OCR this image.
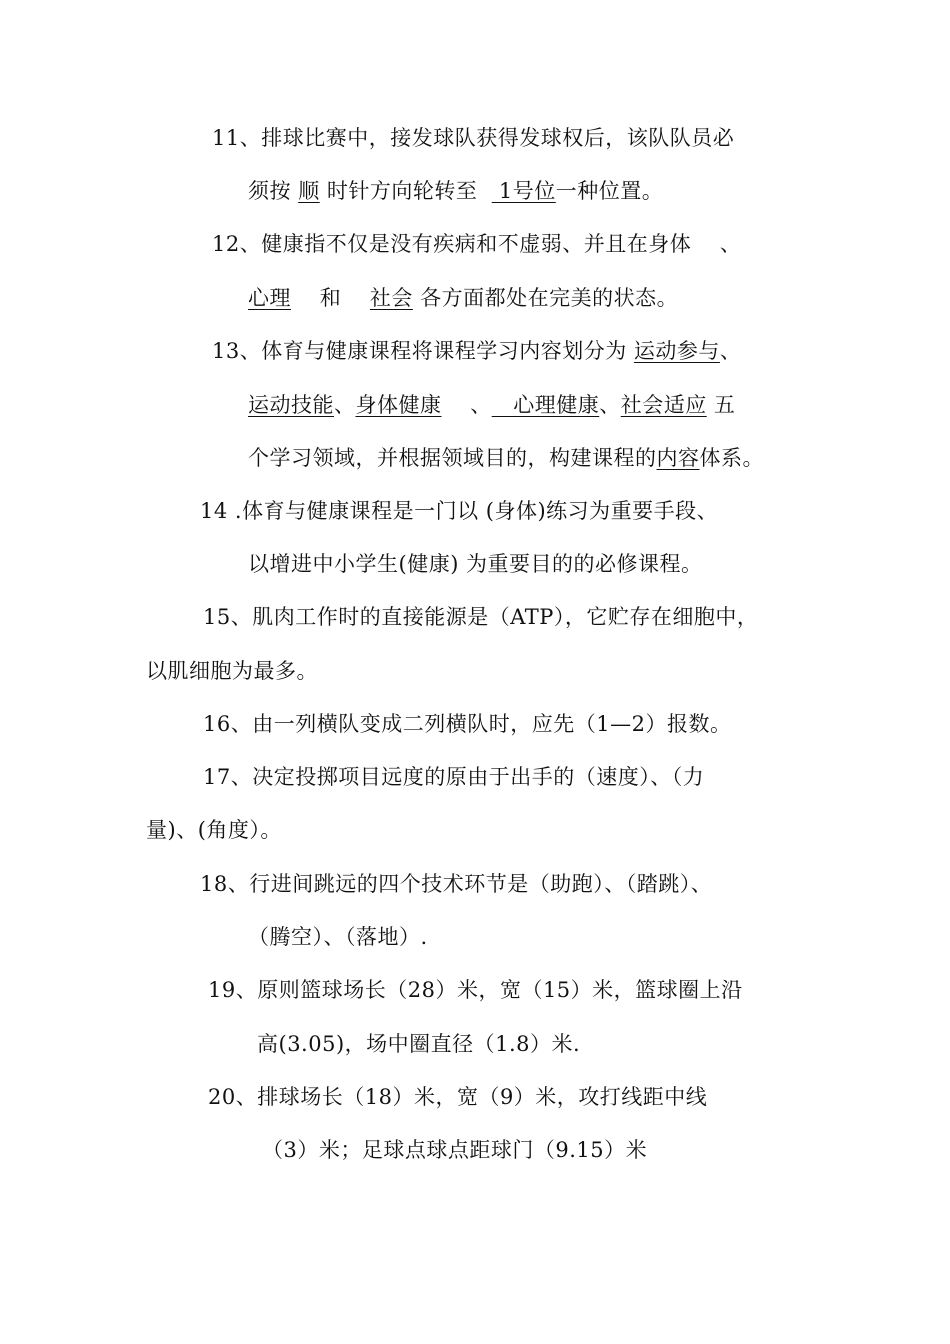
11、排球比赛中，接发球队获得发球权后，该队队员必

须按 顺 时针方向轮转至   1号位一种位置。

12、健康指不仅是没有疾病和不虚弱、并且在身体    、

心理    和    社会 各方面都处在完美的状态。

13、体育与健康课程将课程学习内容划分为 运动参与、

运动技能、身体健康    、   心理健康、社会适应 五

个学习领域，并根据领域目的，构建课程的内容体系。

14 .体育与健康课程是一门以 (身体)练习为重要手段、

以增进中小学生(健康) 为重要目的的必修课程。

15、肌肉工作时的直接能源是（ATP），它贮存在细胞中，

以肌细胞为最多。

16、由一列横队变成二列横队时，应先（1—2）报数。

17、决定投掷项目远度的原由于出手的（速度）、（力

量)、(角度）。

18、行进间跳远的四个技术环节是（助跑）、（踏跳）、

（腾空）、（落地）.

19、原则篮球场长（28）米，宽（15）米，篮球圈上沿

高(3.05)，场中圈直径（1.8）米.

20、排球场长（18）米，宽（9）米，攻打线距中线

（3）米；足球点球点距球门（9.15）米
